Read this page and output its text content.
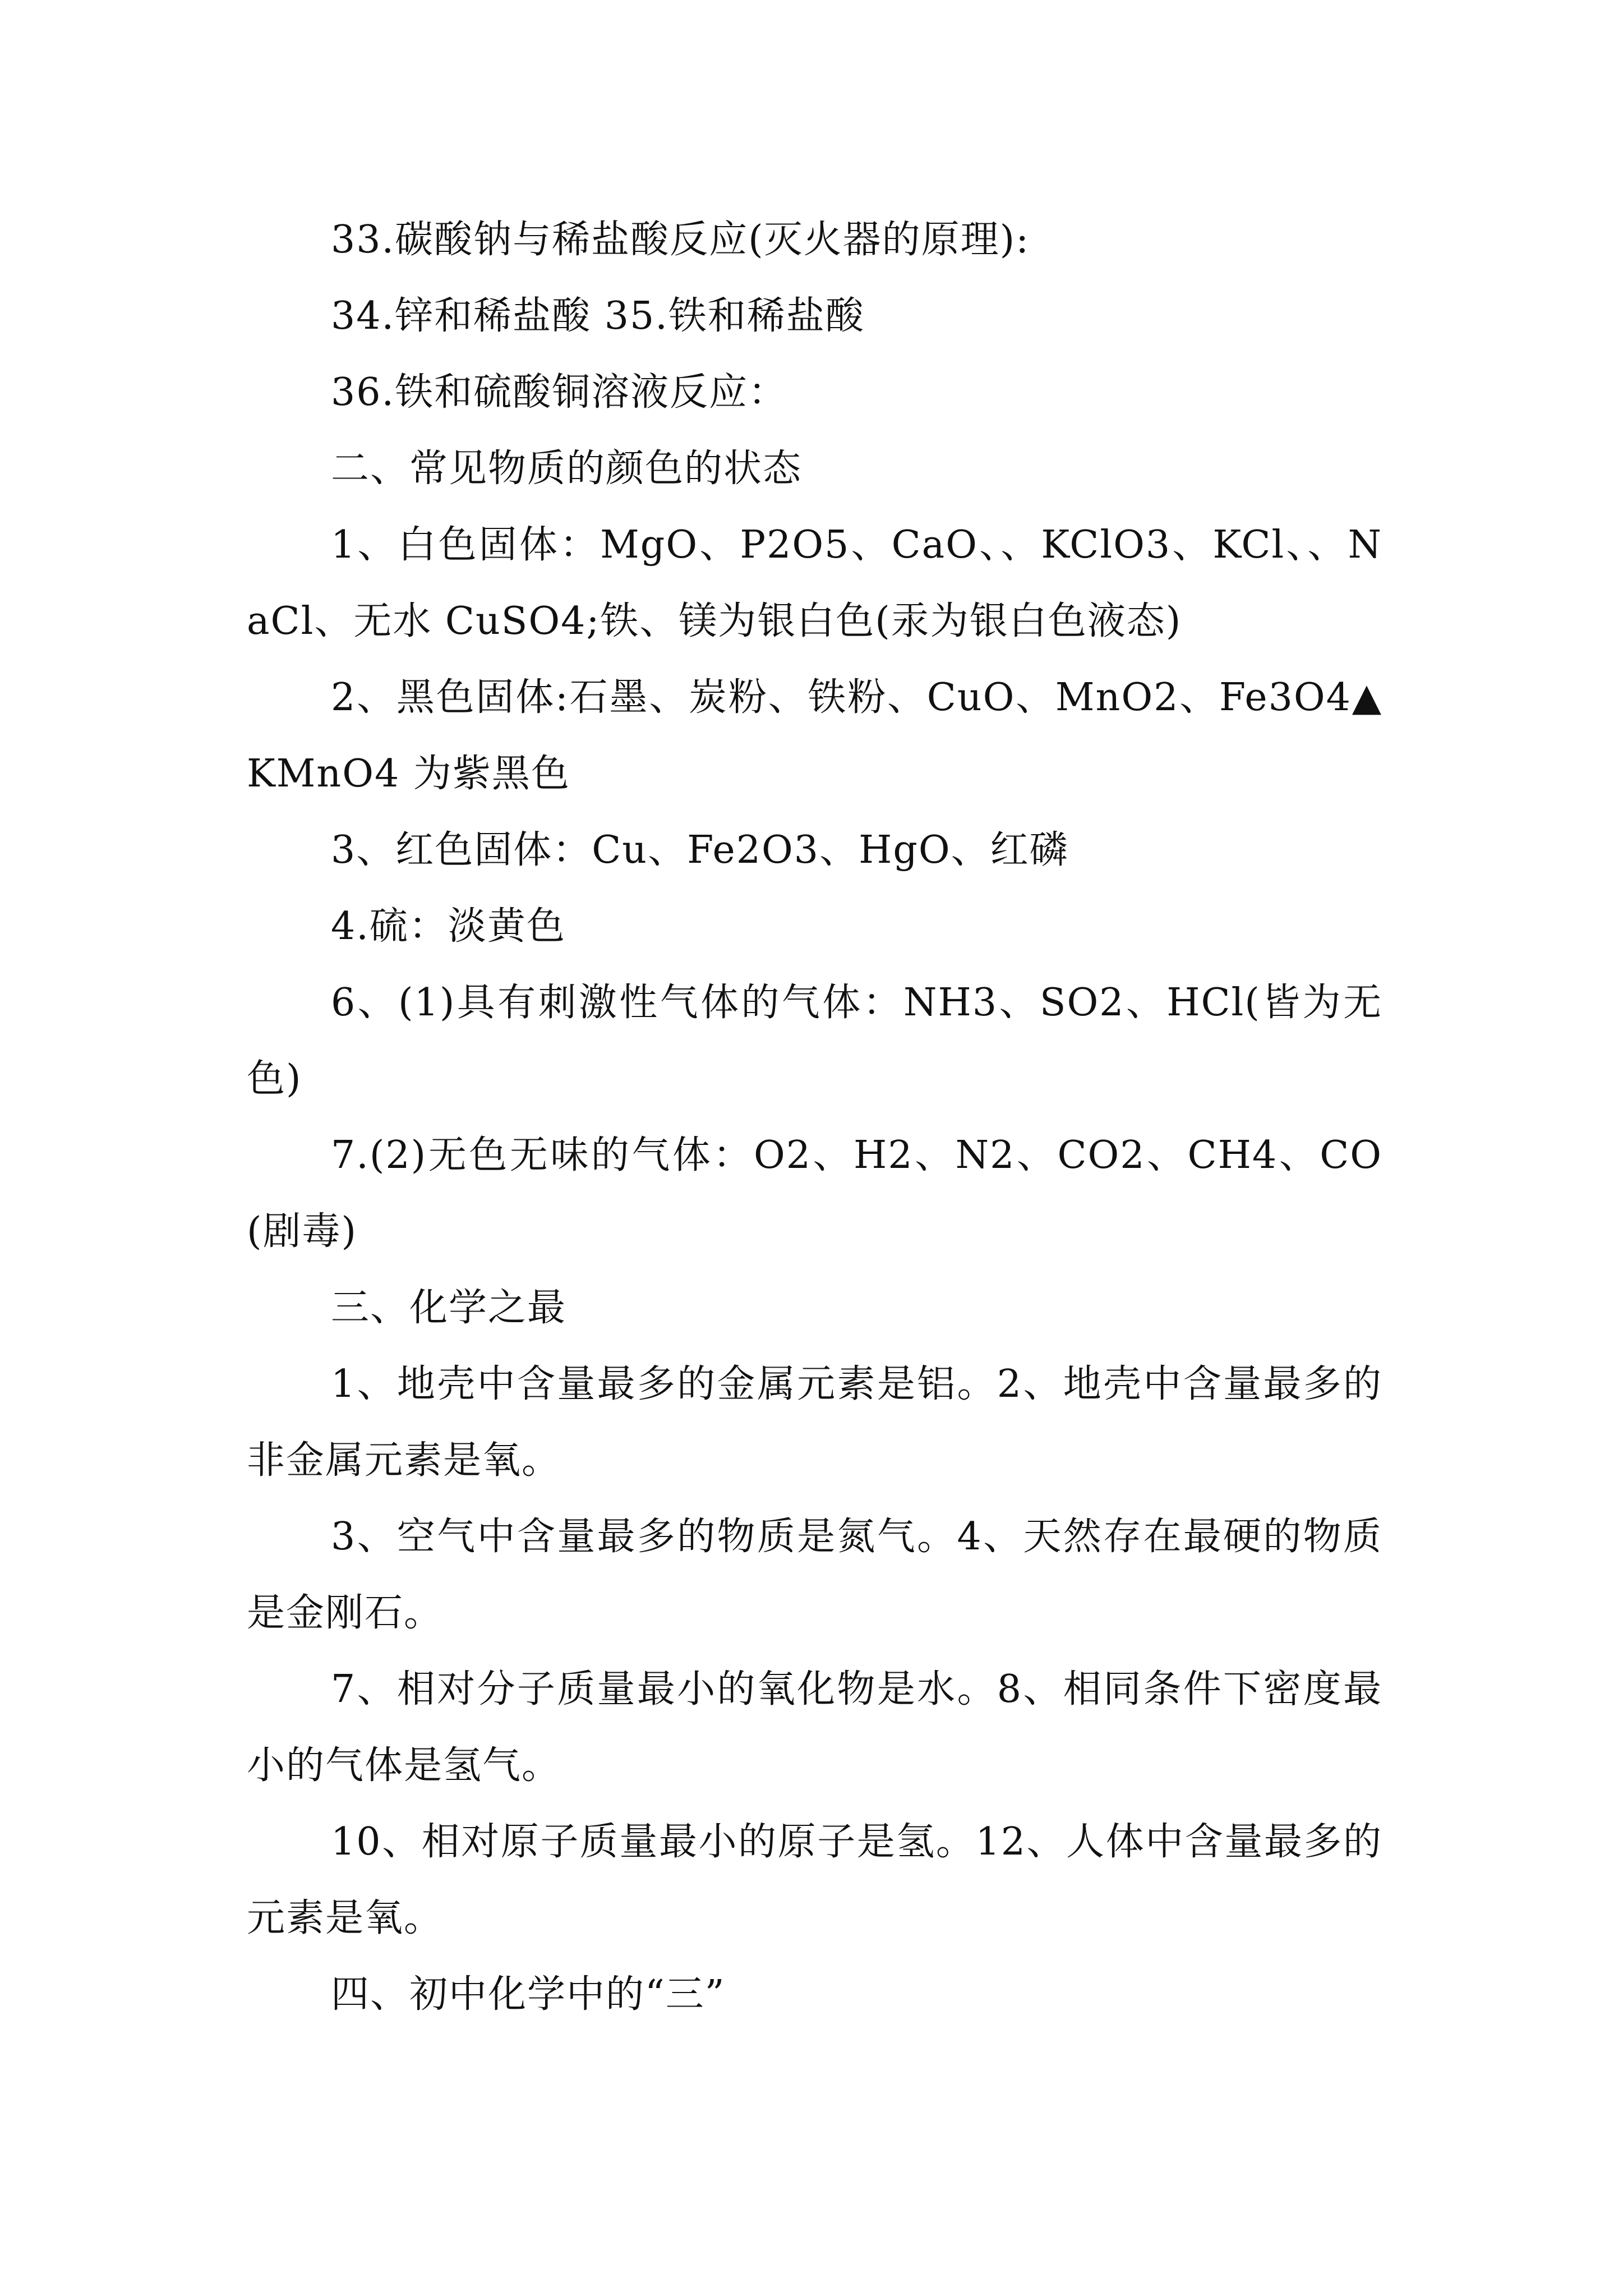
33.碳酸钠与稀盐酸反应(灭火器的原理):

34.锌和稀盐酸 35.铁和稀盐酸

36.铁和硫酸铜溶液反应：

二、常见物质的颜色的状态

1、白色固体：MgO、P2O5、CaO、、KClO3、KCl、、NaCl、无水 CuSO4;铁、镁为银白色(汞为银白色液态)

2、黑色固体:石墨、炭粉、铁粉、CuO、MnO2、Fe3O4▲KMnO4 为紫黑色

3、红色固体：Cu、Fe2O3、HgO、红磷

4.硫：淡黄色

6、(1)具有刺激性气体的气体：NH3、SO2、HCl(皆为无色)

7.(2)无色无味的气体：O2、H2、N2、CO2、CH4、CO(剧毒)

三、化学之最

1、地壳中含量最多的金属元素是铝。2、地壳中含量最多的非金属元素是氧。

3、空气中含量最多的物质是氮气。4、天然存在最硬的物质是金刚石。

7、相对分子质量最小的氧化物是水。8、相同条件下密度最小的气体是氢气。

10、相对原子质量最小的原子是氢。12、人体中含量最多的元素是氧。

四、初中化学中的“三”
